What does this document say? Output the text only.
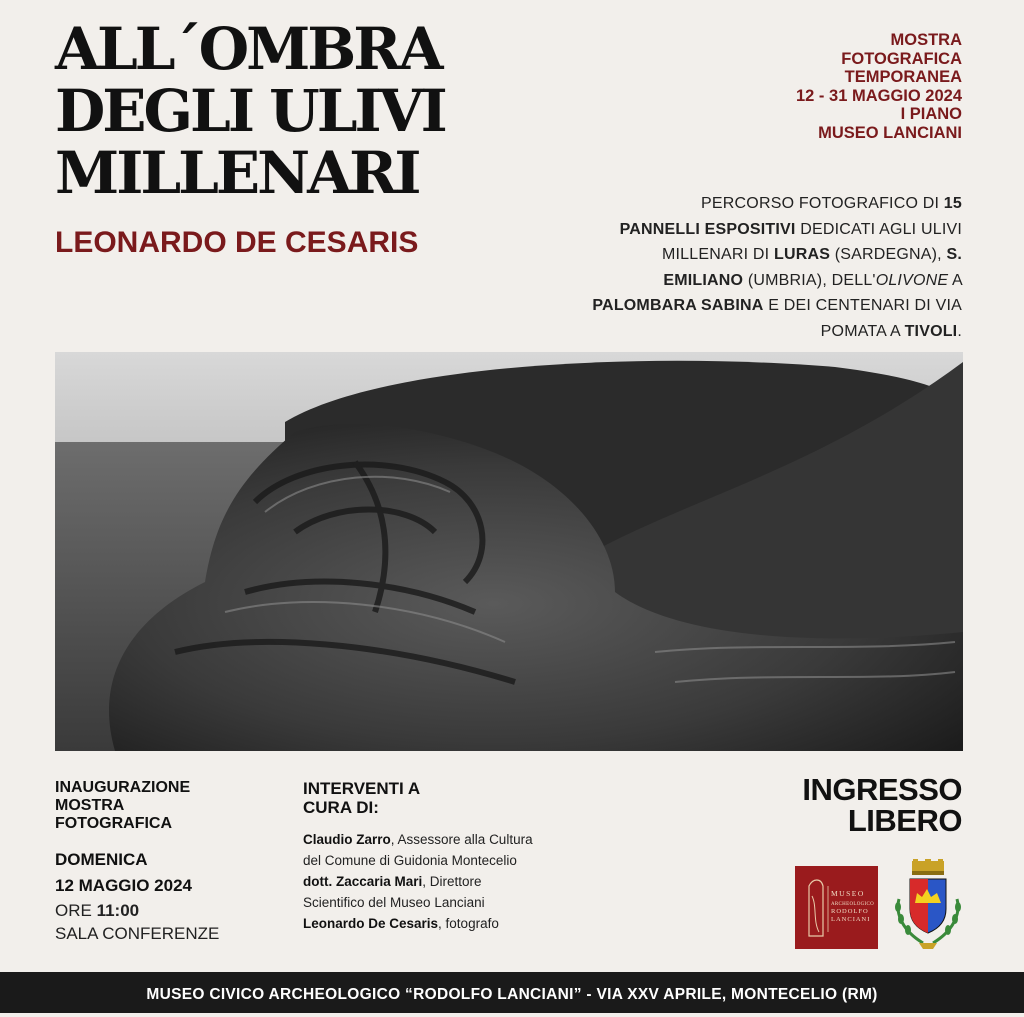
ALL´OMBRA
DEGLI ULIVI
MILLENARI
LEONARDO DE CESARIS
MOSTRA
FOTOGRAFICA
TEMPORANEA
12 - 31 MAGGIO 2024
I PIANO
MUSEO LANCIANI
PERCORSO FOTOGRAFICO DI 15
PANNELLI ESPOSITIVI DEDICATI AGLI ULIVI MILLENARI DI LURAS (SARDEGNA), S. EMILIANO (UMBRIA), DELL'OLIVONE A PALOMBARA SABINA E DEI CENTENARI DI VIA POMATA A TIVOLI.
INAUGURAZIONE
MOSTRA
FOTOGRAFICA
DOMENICA
12 MAGGIO 2024
ORE 11:00
SALA CONFERENZE
INTERVENTI A
CURA DI:
Claudio Zarro, Assessore alla Cultura del Comune di Guidonia Montecelio
dott. Zaccaria Mari, Direttore Scientifico del Museo Lanciani
Leonardo De Cesaris, fotografo
INGRESSO
LIBERO
MUSEO
ARCHEOLOGICO
RODOLFO
LANCIANI
MUSEO CIVICO ARCHEOLOGICO “RODOLFO LANCIANI” - VIA XXV APRILE, MONTECELIO (RM)
